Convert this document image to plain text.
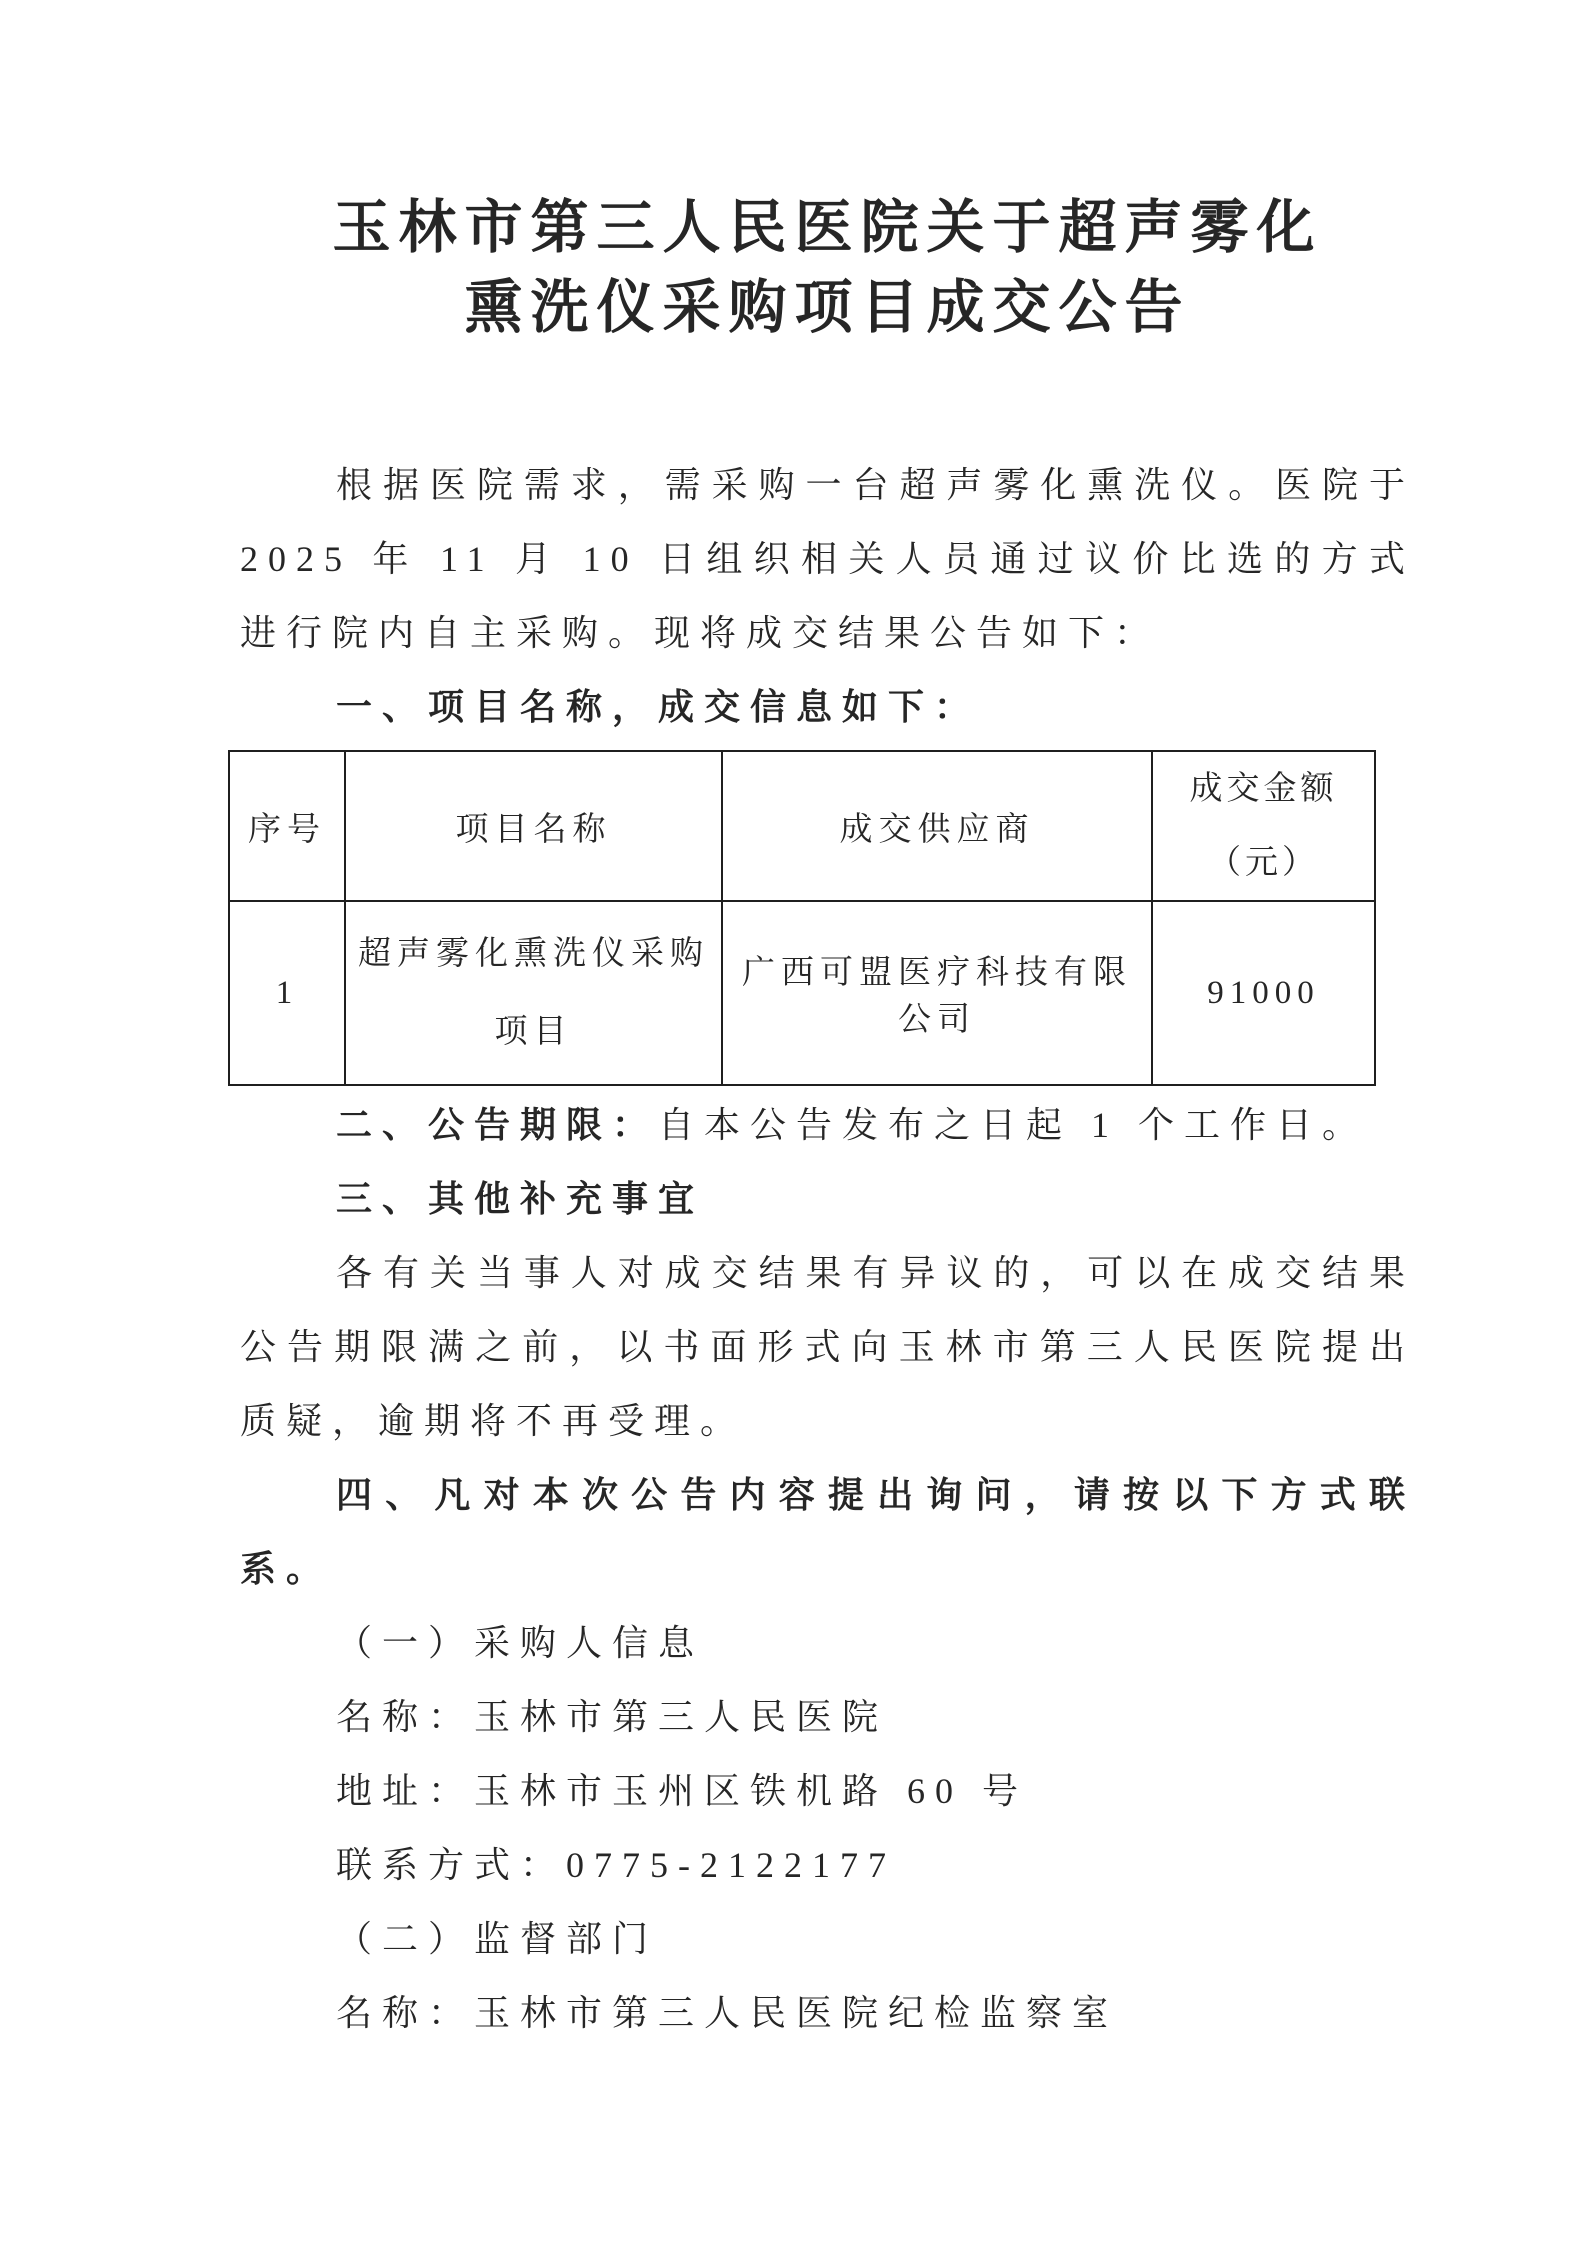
玉林市第三人民医院关于超声雾化
熏洗仪采购项目成交公告

根据医院需求，需采购一台超声雾化熏洗仪。医院于 2025 年 11 月 10 日组织相关人员通过议价比选的方式进行院内自主采购。现将成交结果公告如下：

一、项目名称，成交信息如下：

序号	项目名称	成交供应商	成交金额
（元）

1	超声雾化熏洗仪采购项目	广西可盟医疗科技有限公司	91000

二、公告期限：自本公告发布之日起 1 个工作日。

三、其他补充事宜

各有关当事人对成交结果有异议的，可以在成交结果公告期限满之前，以书面形式向玉林市第三人民医院提出质疑，逾期将不再受理。

四、凡对本次公告内容提出询问，请按以下方式联系。

（一）采购人信息

名称：玉林市第三人民医院

地址：玉林市玉州区铁机路 60 号

联系方式：0775-2122177

（二）监督部门

名称：玉林市第三人民医院纪检监察室
